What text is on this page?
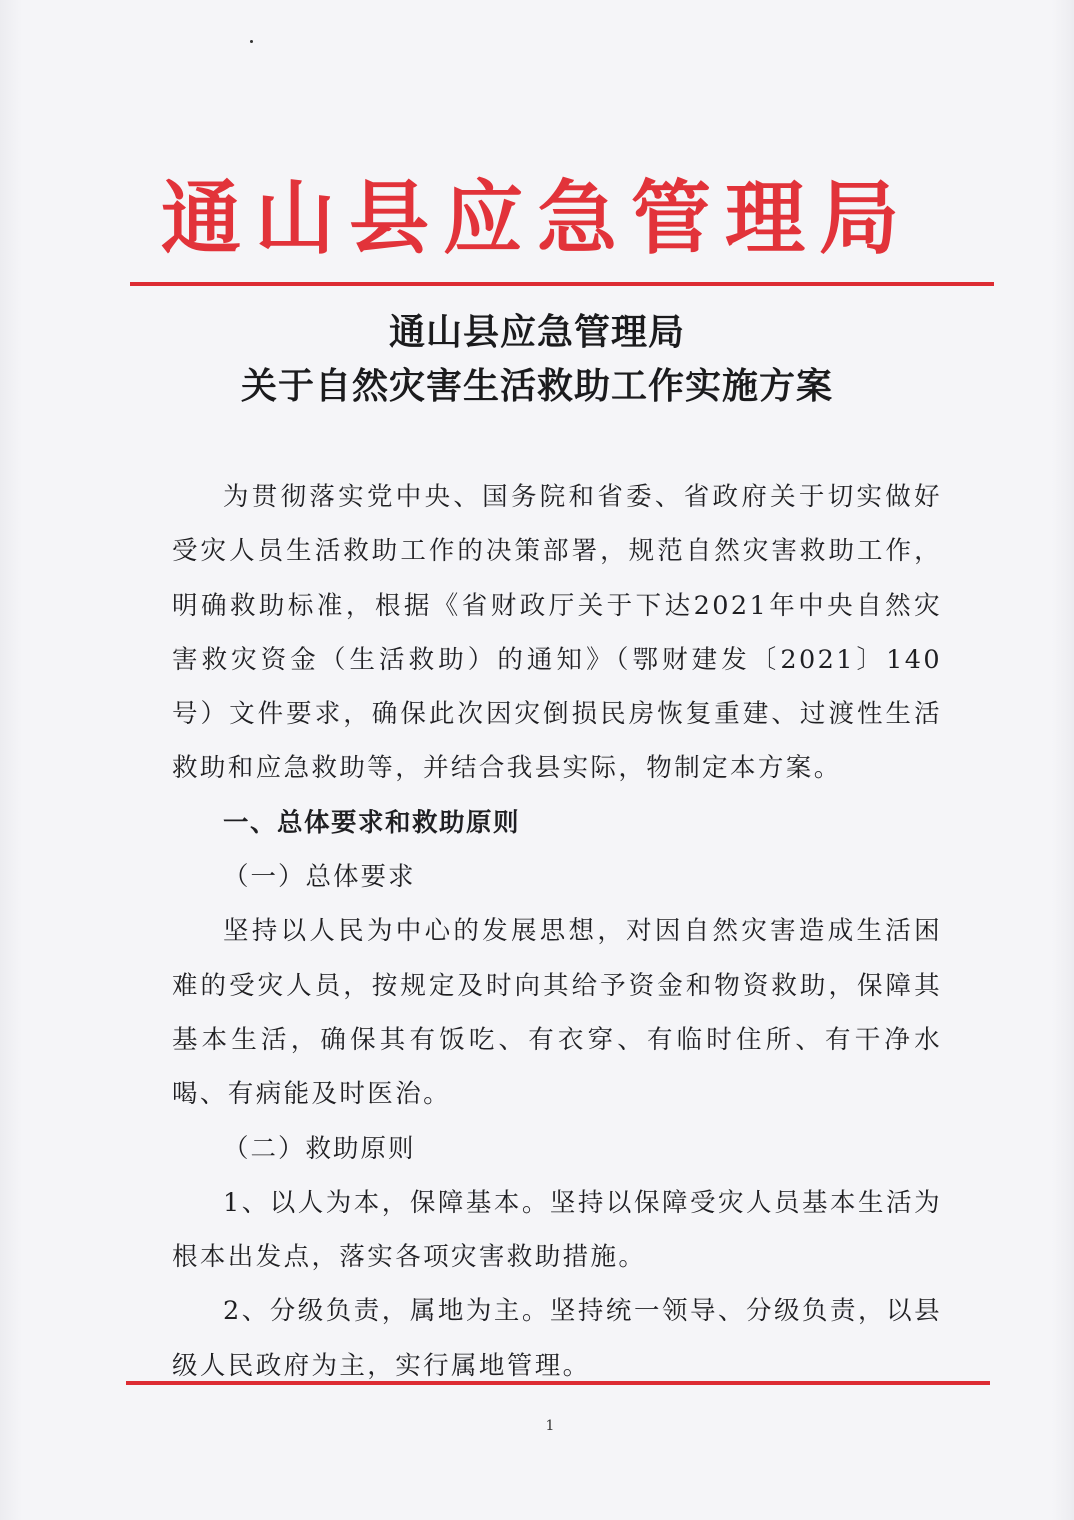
通山县应急管理局
通山县应急管理局
关于自然灾害生活救助工作实施方案

为贯彻落实党中央、国务院和省委、省政府关于切实做好受灾人员生活救助工作的决策部署，规范自然灾害救助工作，明确救助标准，根据《省财政厅关于下达2021年中央自然灾害救灾资金（生活救助）的通知》（鄂财建发〔2021〕140号）文件要求，确保此次因灾倒损民房恢复重建、过渡性生活救助和应急救助等，并结合我县实际，物制定本方案。

一、总体要求和救助原则

（一）总体要求

坚持以人民为中心的发展思想，对因自然灾害造成生活困难的受灾人员，按规定及时向其给予资金和物资救助，保障其基本生活，确保其有饭吃、有衣穿、有临时住所、有干净水喝、有病能及时医治。

（二）救助原则

1、以人为本，保障基本。坚持以保障受灾人员基本生活为根本出发点，落实各项灾害救助措施。

2、分级负责，属地为主。坚持统一领导、分级负责，以县级人民政府为主，实行属地管理。

1
